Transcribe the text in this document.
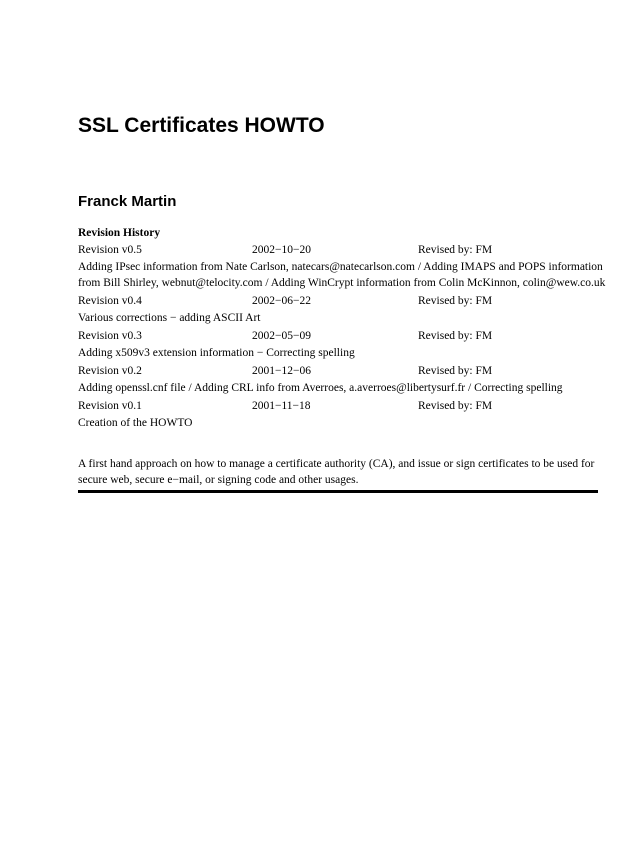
SSL Certificates HOWTO
Franck Martin
Revision History
Revision v0.5	2002−10−20	Revised by: FM
Adding IPsec information from Nate Carlson, natecars@natecarlson.com / Adding IMAPS and POPS information from Bill Shirley, webnut@telocity.com / Adding WinCrypt information from Colin McKinnon, colin@wew.co.uk
Revision v0.4	2002−06−22	Revised by: FM
Various corrections − adding ASCII Art
Revision v0.3	2002−05−09	Revised by: FM
Adding x509v3 extension information − Correcting spelling
Revision v0.2	2001−12−06	Revised by: FM
Adding openssl.cnf file / Adding CRL info from Averroes, a.averroes@libertysurf.fr / Correcting spelling
Revision v0.1	2001−11−18	Revised by: FM
Creation of the HOWTO

A first hand approach on how to manage a certificate authority (CA), and issue or sign certificates to be used for secure web, secure e−mail, or signing code and other usages.
